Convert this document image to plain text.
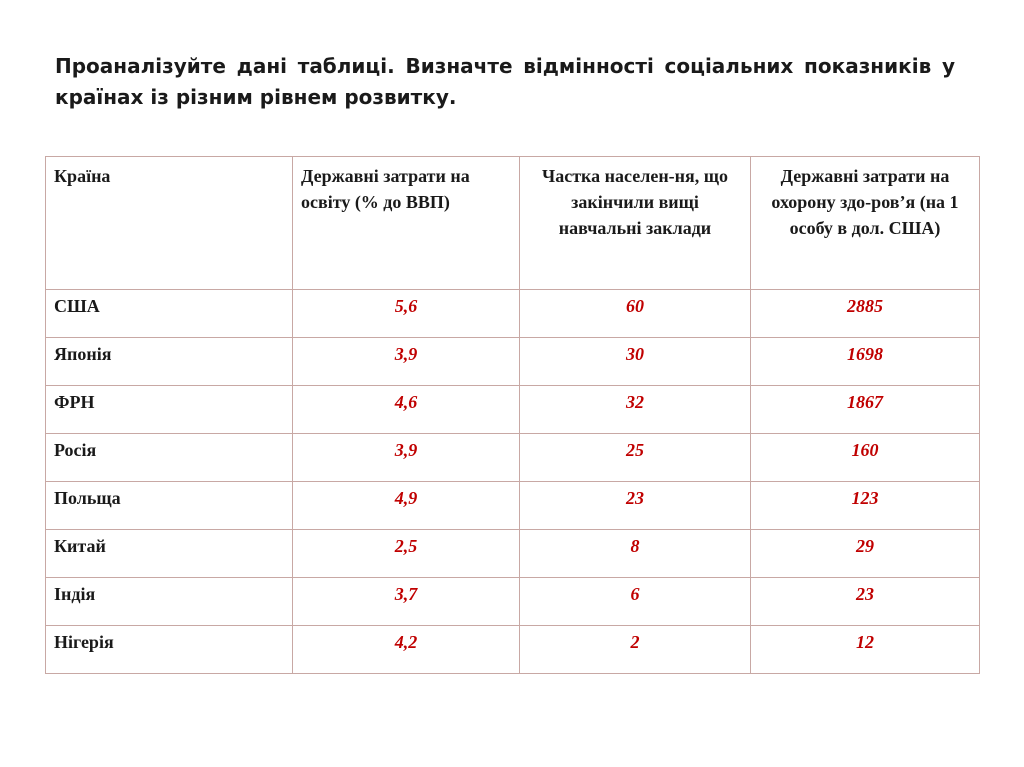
Проаналізуйте дані таблиці. Визначте відмінності соціальних показників у країнах із різним рівнем розвитку.
Країна	Державні затрати на освіту (% до ВВП)	Частка населен-ня, що закінчили вищі навчальні заклади	Державні затрати на охорону здо-ров’я (на 1 особу в дол. США)
США	5,6	60	2885
Японія	3,9	30	1698
ФРН	4,6	32	1867
Росія	3,9	25	160
Польща	4,9	23	123
Китай	2,5	8	29
Індія	3,7	6	23
Нігерія	4,2	2	12
